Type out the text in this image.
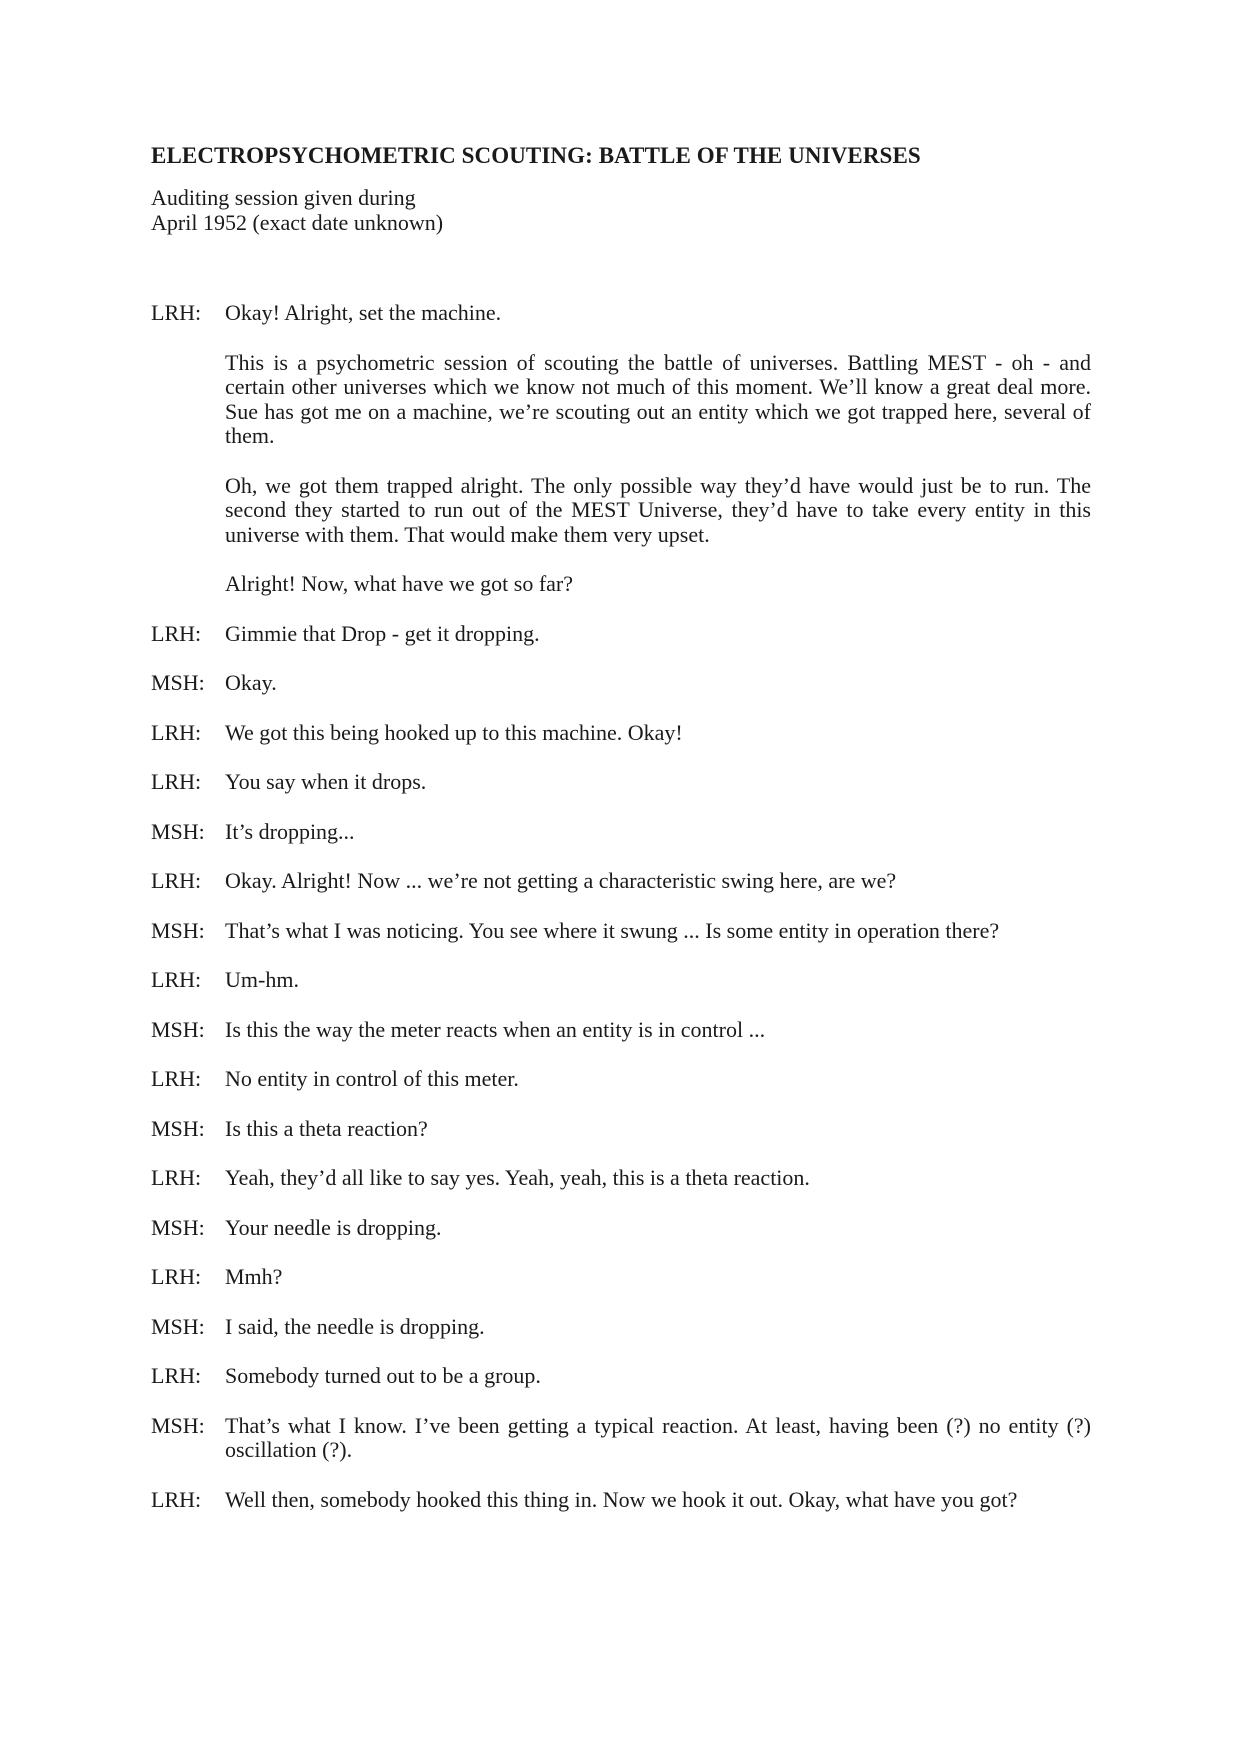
ELECTROPSYCHOMETRIC SCOUTING: BATTLE OF THE UNIVERSES
Auditing session given during
April 1952 (exact date unknown)
LRH:	Okay! Alright, set the machine.
This is a psychometric session of scouting the battle of universes. Battling MEST - oh - and certain other universes which we know not much of this moment. We’ll know a great deal more. Sue has got me on a machine, we’re scouting out an entity which we got trapped here, several of them.
Oh, we got them trapped alright. The only possible way they’d have would just be to run. The second they started to run out of the MEST Universe, they’d have to take every entity in this universe with them. That would make them very upset.
Alright! Now, what have we got so far?
LRH:	Gimmie that Drop - get it dropping.
MSH: Okay.
LRH:	We got this being hooked up to this machine. Okay!
LRH:	You say when it drops.
MSH: It’s dropping...
LRH:	Okay. Alright! Now ... we’re not getting a characteristic swing here, are we?
MSH: That’s what I was noticing. You see where it swung ... Is some entity in operation there?
LRH:	Um-hm.
MSH: Is this the way the meter reacts when an entity is in control ...
LRH:	No entity in control of this meter.
MSH: Is this a theta reaction?
LRH:	Yeah, they’d all like to say yes. Yeah, yeah, this is a theta reaction.
MSH: Your needle is dropping.
LRH:	Mmh?
MSH: I said, the needle is dropping.
LRH:	Somebody turned out to be a group.
MSH: That’s what I know. I’ve been getting a typical reaction. At least, having been (?) no entity (?) oscillation (?).
LRH:	Well then, somebody hooked this thing in. Now we hook it out. Okay, what have you got?
